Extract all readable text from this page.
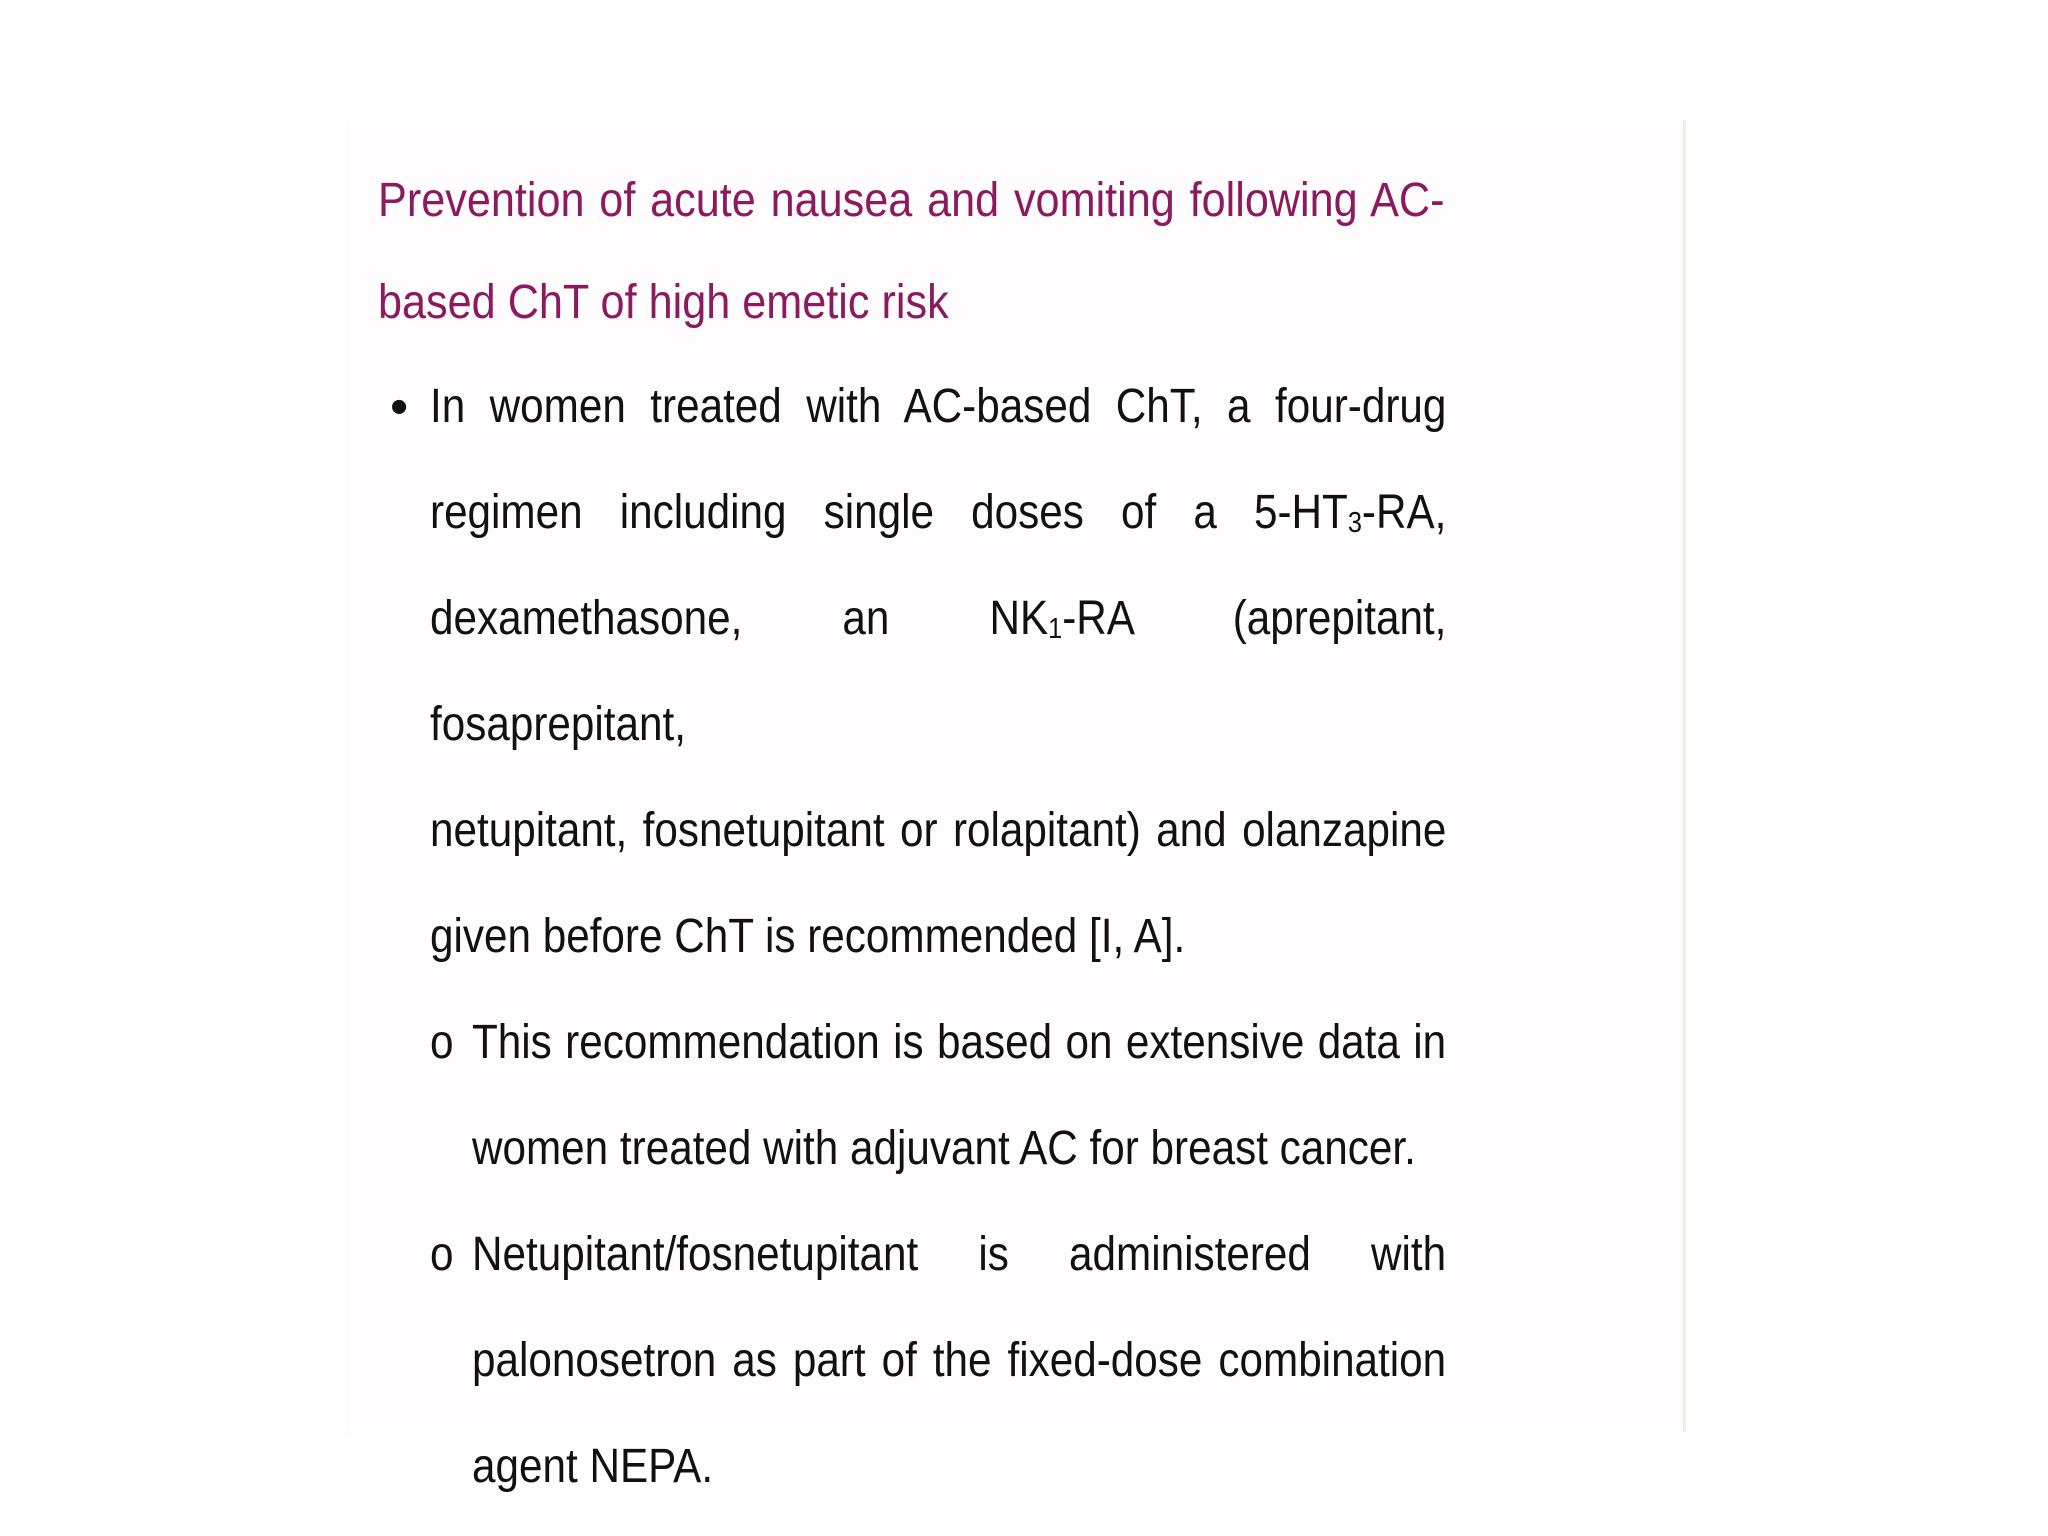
Prevention of acute nausea and vomiting following AC-
based ChT of high emetic risk
• In women treated with AC-based ChT, a four-drug
regimen including single doses of a $5-HT_3-RA$,
dexamethasone, an $NK_1-RA$ (aprepitant, fosaprepitant,
netupitant, fosnetupitant or rolapitant) and olanzapine
given before ChT is recommended [I, A].
o This recommendation is based on extensive data in
women treated with adjuvant AC for breast cancer.
o Netupitant/fosnetupitant is administered with
palonosetron as part of the fixed-dose combination
agent NEPA.
